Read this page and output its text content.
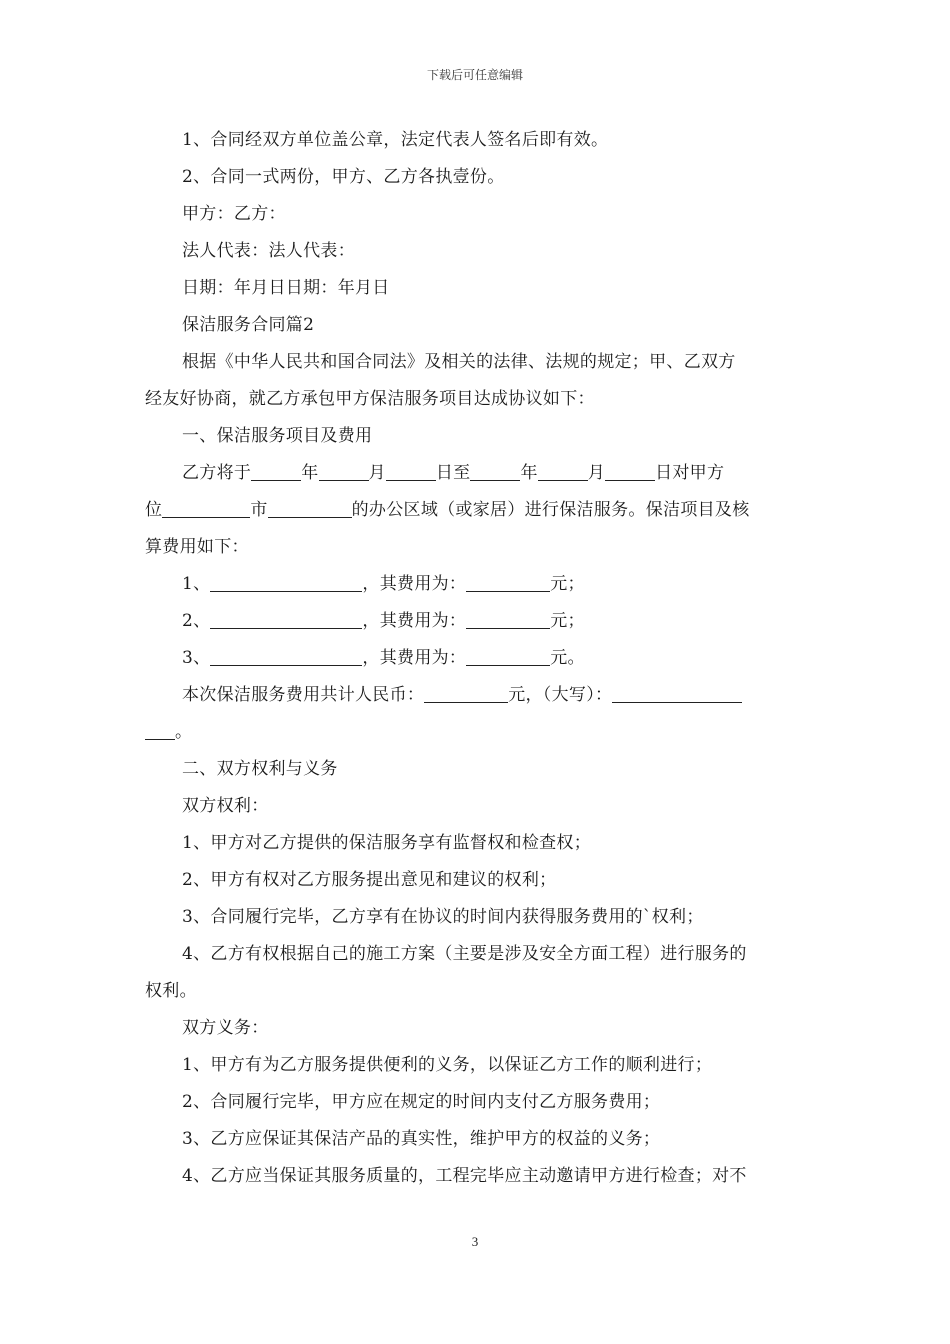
下载后可任意编辑
1、合同经双方单位盖公章，法定代表人签名后即有效。
2、合同一式两份，甲方、乙方各执壹份。
甲方：乙方：
法人代表：法人代表：
日期：年月日日期：年月日
保洁服务合同篇2
根据《中华人民共和国合同法》及相关的法律、法规的规定；甲、乙双方
经友好协商，就乙方承包甲方保洁服务项目达成协议如下：
一、保洁服务项目及费用
乙方将于	年	月	日至	年	月	日对甲方
位	市	的办公区域（或家居）进行保洁服务。保洁项目及核
算费用如下：
1、	，其费用为：	元；
2、	，其费用为：	元；
3、	，其费用为：	元。
本次保洁服务费用共计人民币：	元，（大写）：
。
二、双方权利与义务
双方权利：
1、甲方对乙方提供的保洁服务享有监督权和检查权；
2、甲方有权对乙方服务提出意见和建议的权利；
3、合同履行完毕，乙方享有在协议的时间内获得服务费用的`权利；
4、乙方有权根据自己的施工方案（主要是涉及安全方面工程）进行服务的
权利。
双方义务：
1、甲方有为乙方服务提供便利的义务，以保证乙方工作的顺利进行；
2、合同履行完毕，甲方应在规定的时间内支付乙方服务费用；
3、乙方应保证其保洁产品的真实性，维护甲方的权益的义务；
4、乙方应当保证其服务质量的，工程完毕应主动邀请甲方进行检查；对不
3
